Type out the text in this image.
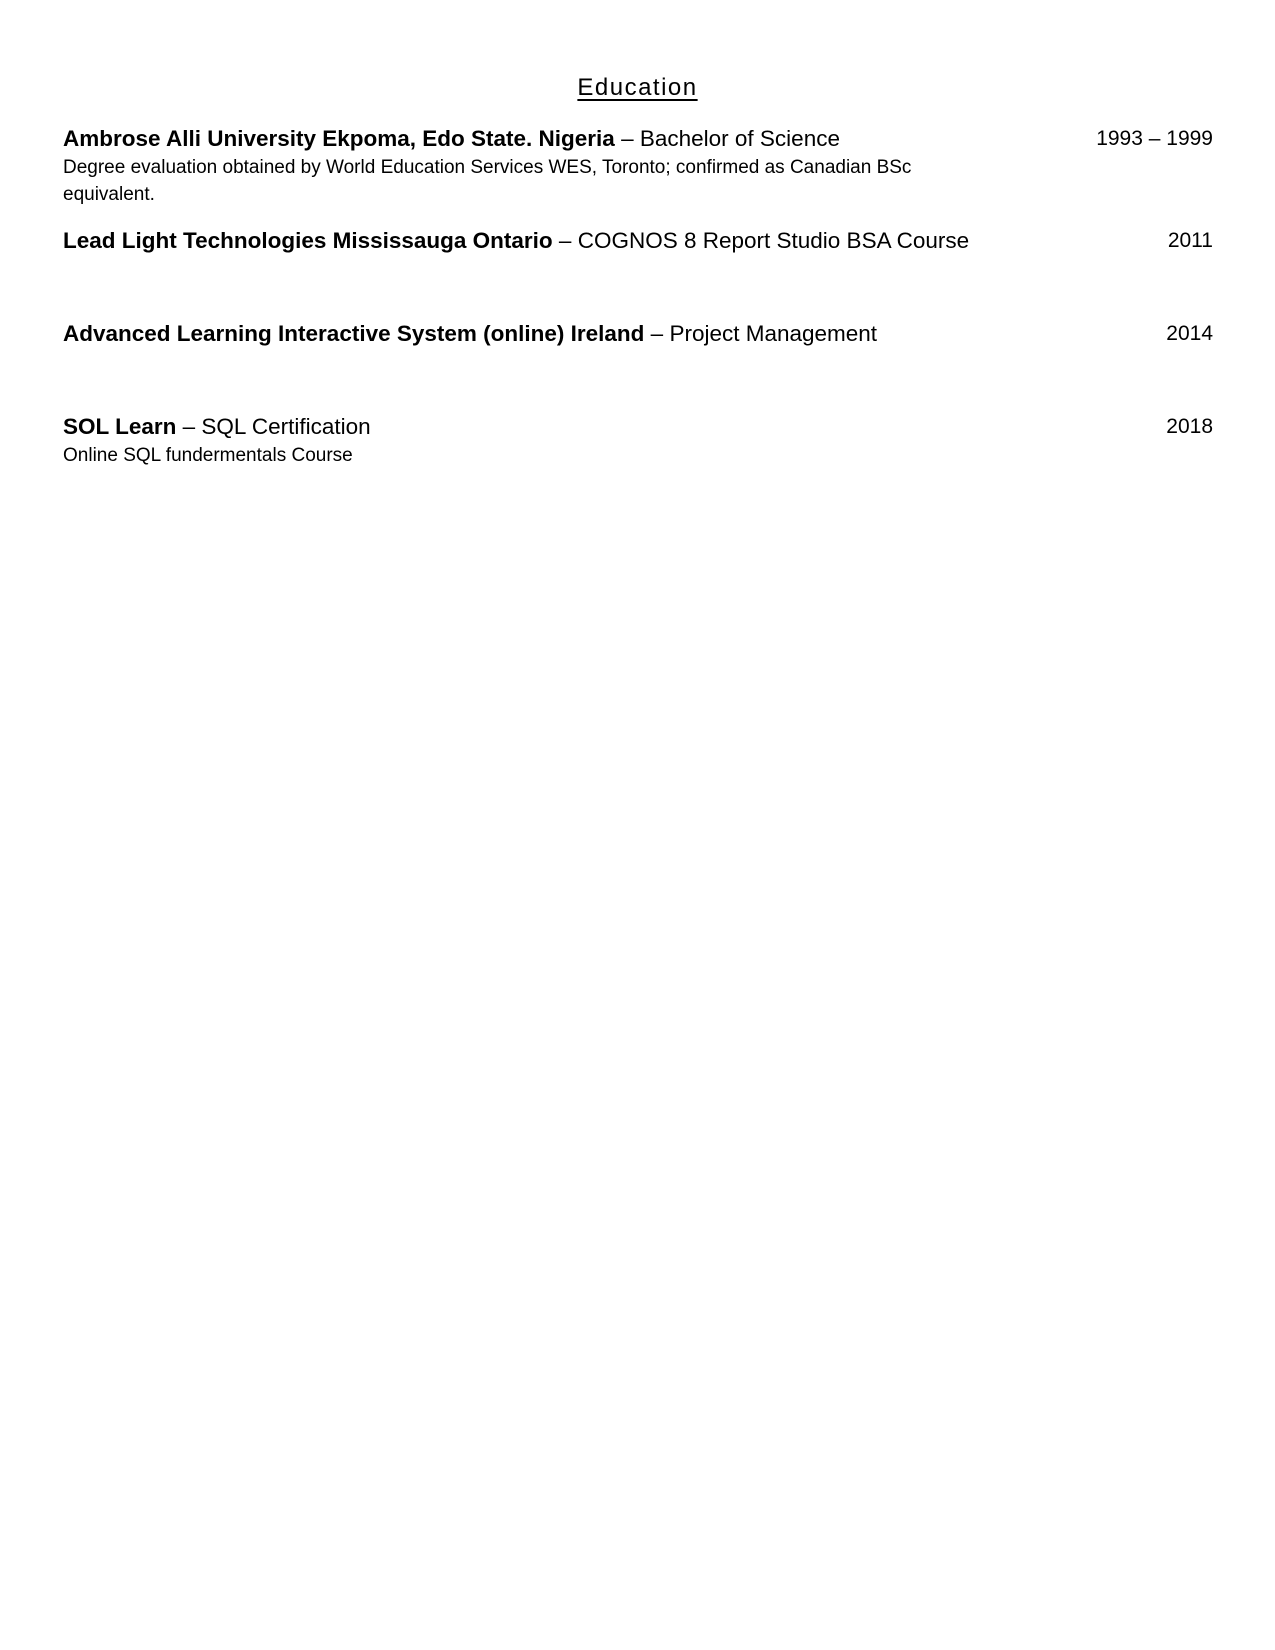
Education
Ambrose Alli University Ekpoma, Edo State. Nigeria – Bachelor of Science	1993 – 1999
Degree evaluation obtained by World Education Services WES, Toronto; confirmed as Canadian BSc equivalent.
Lead Light Technologies Mississauga Ontario – COGNOS 8 Report Studio BSA Course	2011
Advanced Learning Interactive System (online) Ireland – Project Management	2014
SOL Learn – SQL Certification	2018
Online SQL fundermentals Course
